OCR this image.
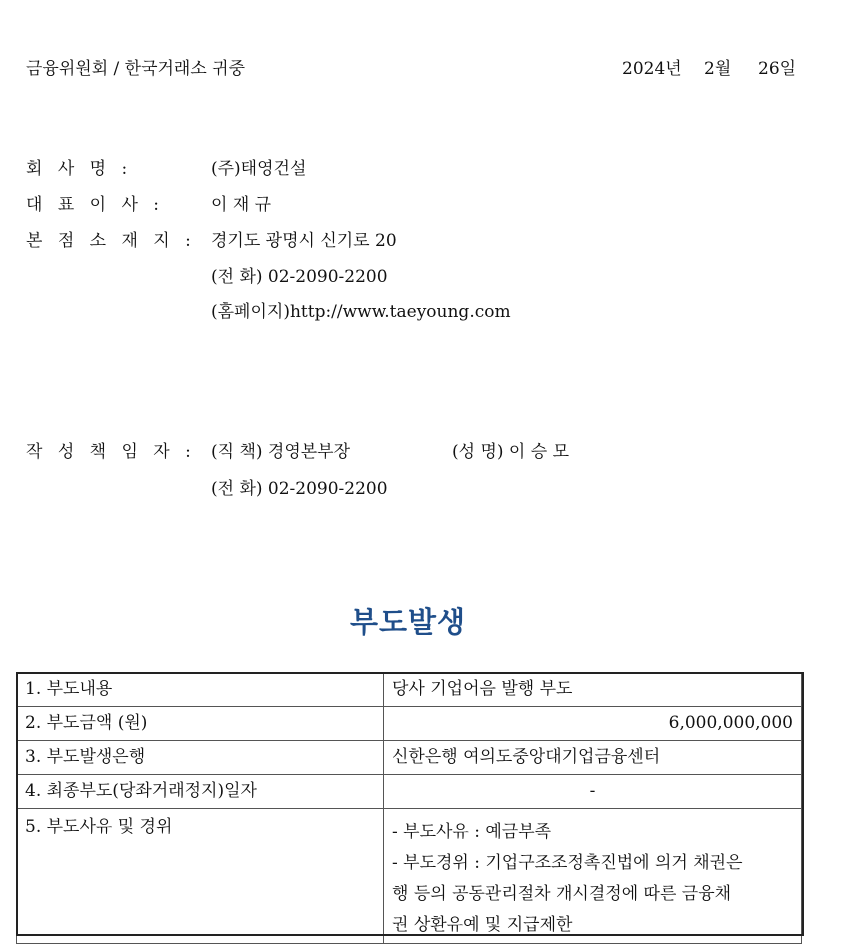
금융위원회 / 한국거래소 귀중	2024년 2월 26일
회 사 명 :	(주)태영건설
대 표 이 사 :	이 재 규
본 점 소 재 지 : 경기도 광명시 신기로 20
(전 화) 02-2090-2200
(홈페이지)http://www.taeyoung.com
작 성 책 임 자 : (직 책) 경영본부장	(성 명) 이 승 모
(전 화) 02-2090-2200
부도발생
1. 부도내용	당사 기업어음 발행 부도
2. 부도금액 (원)	6,000,000,000
3. 부도발생은행	신한은행 여의도중앙대기업금융센터
4. 최종부도(당좌거래정지)일자	-
5. 부도사유 및 경위	- 부도사유 : 예금부족
- 부도경위 : 기업구조조정촉진법에 의거 채권은
행 등의 공동관리절차 개시결정에 따른 금융채
권 상환유예 및 지급제한
